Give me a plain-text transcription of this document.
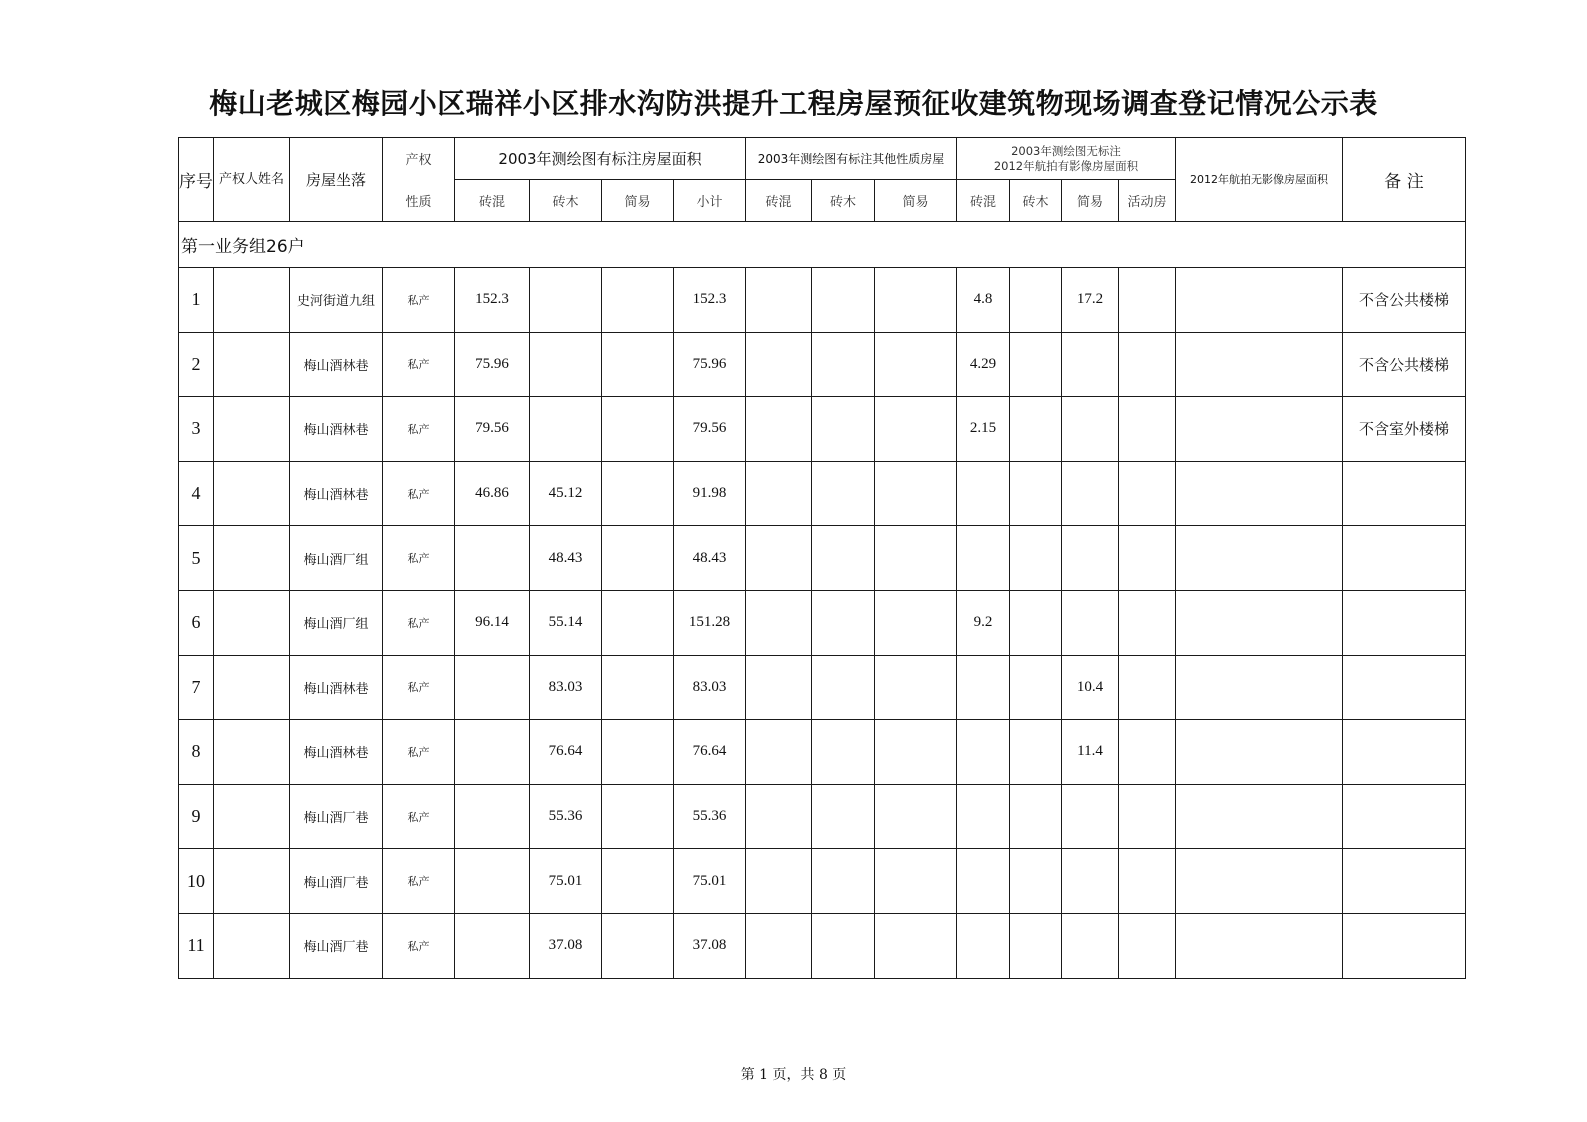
梅山老城区梅园小区瑞祥小区排水沟防洪提升工程房屋预征收建筑物现场调查登记情况公示表
序号	产权人姓名	房屋坐落	产权	2003年测绘图有标注房屋面积				2003年测绘图有标注其他性质房屋			2003年测绘图无标注
2012年航拍有影像房屋面积				2012年航拍无影像房屋面积	备 注
			性质	砖混	砖木	简易	小计	砖混	砖木	简易	砖混	砖木	简易	活动房		
第一业务组26户																
1		史河街道九组	私产	152.3			152.3				4.8		17.2			不含公共楼梯
2		梅山酒林巷	私产	75.96			75.96				4.29					不含公共楼梯
3		梅山酒林巷	私产	79.56			79.56				2.15					不含室外楼梯
4		梅山酒林巷	私产	46.86	45.12		91.98									
5		梅山酒厂组	私产		48.43		48.43									
6		梅山酒厂组	私产	96.14	55.14		151.28				9.2					
7		梅山酒林巷	私产		83.03		83.03						10.4			
8		梅山酒林巷	私产		76.64		76.64						11.4			
9		梅山酒厂巷	私产		55.36		55.36									
10		梅山酒厂巷	私产		75.01		75.01									
11		梅山酒厂巷	私产		37.08		37.08									
第 1 页，共 8 页
